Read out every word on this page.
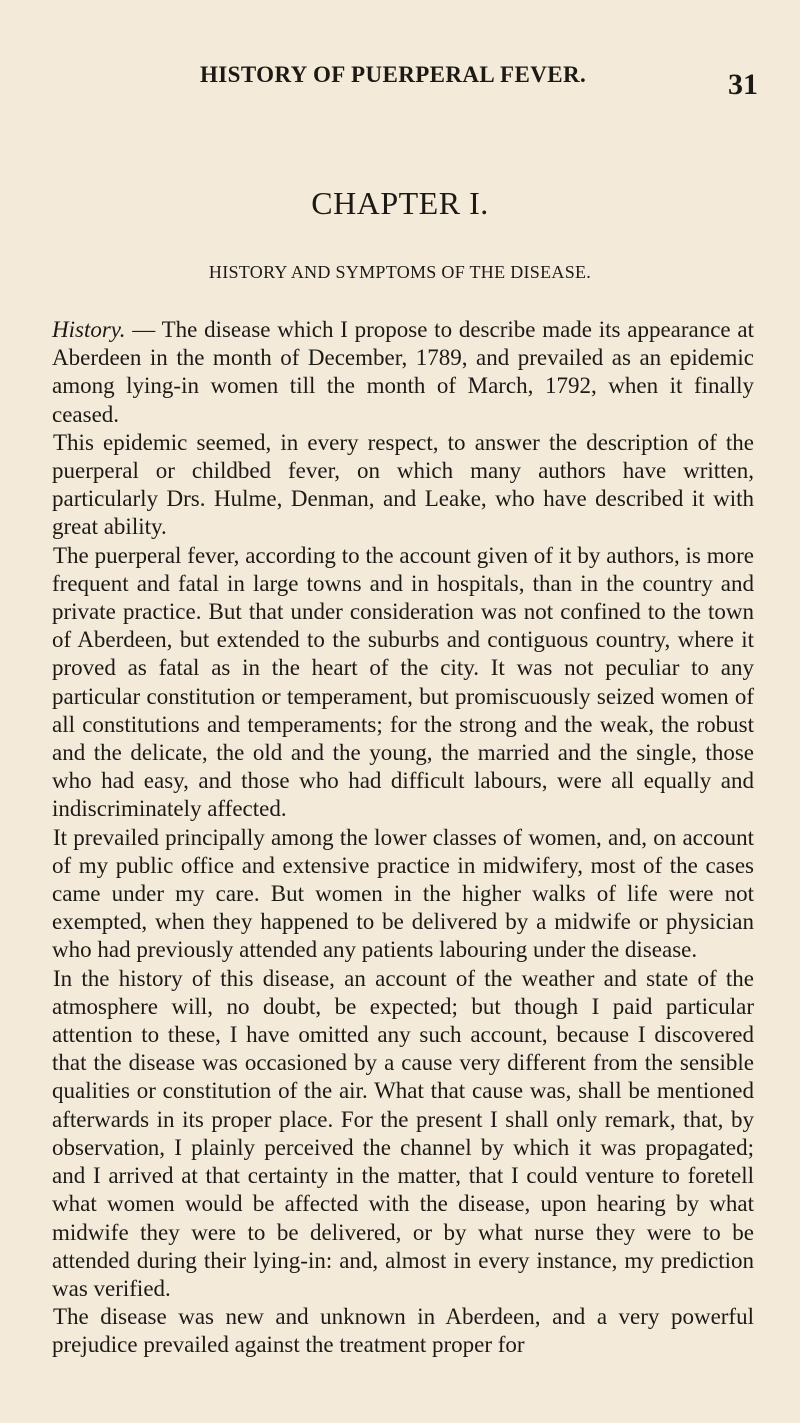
HISTORY OF PUERPERAL FEVER.	31
CHAPTER I.
HISTORY AND SYMPTOMS OF THE DISEASE.

History. — The disease which I propose to describe made its appearance at Aberdeen in the month of December, 1789, and prevailed as an epidemic among lying-in women till the month of March, 1792, when it finally ceased.

This epidemic seemed, in every respect, to answer the description of the puerperal or childbed fever, on which many authors have written, particularly Drs. Hulme, Denman, and Leake, who have described it with great ability.

The puerperal fever, according to the account given of it by authors, is more frequent and fatal in large towns and in hospitals, than in the country and private practice. But that under consideration was not confined to the town of Aberdeen, but extended to the suburbs and contiguous country, where it proved as fatal as in the heart of the city. It was not peculiar to any particular constitution or temperament, but promiscuously seized women of all constitutions and temperaments; for the strong and the weak, the robust and the delicate, the old and the young, the married and the single, those who had easy, and those who had difficult labours, were all equally and indiscriminately affected.

It prevailed principally among the lower classes of women, and, on account of my public office and extensive practice in midwifery, most of the cases came under my care. But women in the higher walks of life were not exempted, when they happened to be delivered by a midwife or physician who had previously attended any patients labouring under the disease.

In the history of this disease, an account of the weather and state of the atmosphere will, no doubt, be expected; but though I paid particular attention to these, I have omitted any such account, because I discovered that the disease was occasioned by a cause very different from the sensible qualities or constitution of the air. What that cause was, shall be mentioned afterwards in its proper place. For the present I shall only remark, that, by observation, I plainly perceived the channel by which it was propagated; and I arrived at that certainty in the matter, that I could venture to foretell what women would be affected with the disease, upon hearing by what midwife they were to be delivered, or by what nurse they were to be attended during their lying-in: and, almost in every instance, my prediction was verified.

The disease was new and unknown in Aberdeen, and a very powerful prejudice prevailed against the treatment proper for
